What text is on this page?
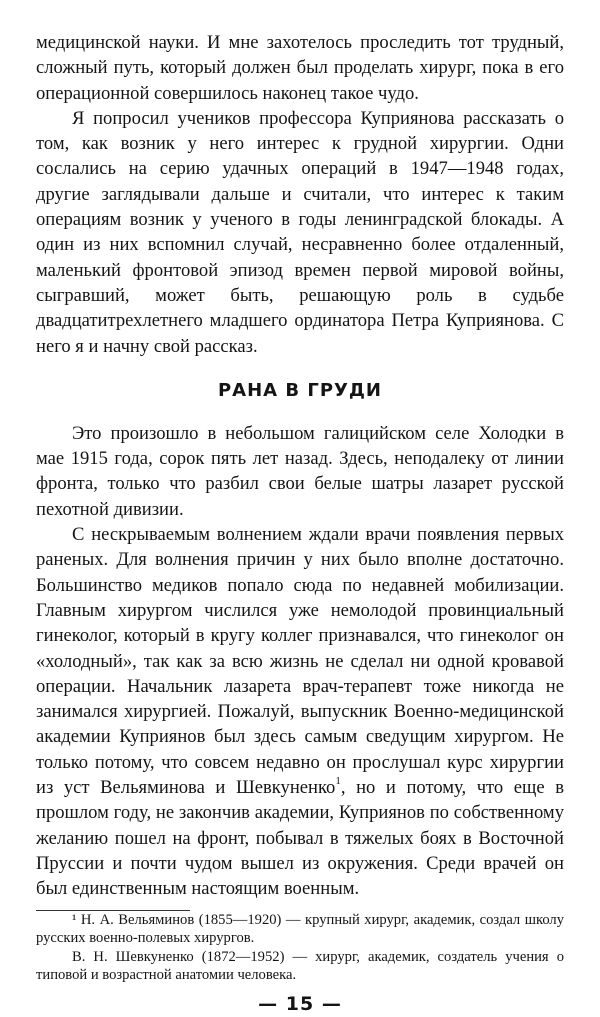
медицинской науки. И мне захотелось проследить тот трудный, сложный путь, который должен был проделать хирург, пока в его операционной совершилось наконец такое чудо.

Я попросил учеников профессора Куприянова рассказать о том, как возник у него интерес к грудной хирургии. Одни сослались на серию удачных операций в 1947—1948 годах, другие заглядывали дальше и считали, что интерес к таким операциям возник у ученого в годы ленинградской блокады. А один из них вспомнил случай, несравненно более отдаленный, маленький фронтовой эпизод времен первой мировой войны, сыгравший, может быть, решающую роль в судьбе двадцатитрехлетнего младшего ординатора Петра Куприянова. С него я и начну свой рассказ.

РАНА В ГРУДИ

Это произошло в небольшом галицийском селе Холодки в мае 1915 года, сорок пять лет назад. Здесь, неподалеку от линии фронта, только что разбил свои белые шатры лазарет русской пехотной дивизии.

С нескрываемым волнением ждали врачи появления первых раненых. Для волнения причин у них было вполне достаточно. Большинство медиков попало сюда по недавней мобилизации. Главным хирургом числился уже немолодой провинциальный гинеколог, который в кругу коллег признавался, что гинеколог он «холодный», так как за всю жизнь не сделал ни одной кровавой операции. Начальник лазарета врач-терапевт тоже никогда не занимался хирургией. Пожалуй, выпускник Военно-медицинской академии Куприянов был здесь самым сведущим хирургом. Не только потому, что совсем недавно он прослушал курс хирургии из уст Вельяминова и Шевкуненко$^1$, но и потому, что еще в прошлом году, не закончив академии, Куприянов по собственному желанию пошел на фронт, побывал в тяжелых боях в Восточной Пруссии и почти чудом вышел из окружения. Среди врачей он был единственным настоящим военным.

¹ Н. А. Вельяминов (1855—1920) — крупный хирург, академик, создал школу русских военно-полевых хирургов.

В. Н. Шевкуненко (1872—1952) — хирург, академик, создатель учения о типовой и возрастной анатомии человека.

— 15 —
